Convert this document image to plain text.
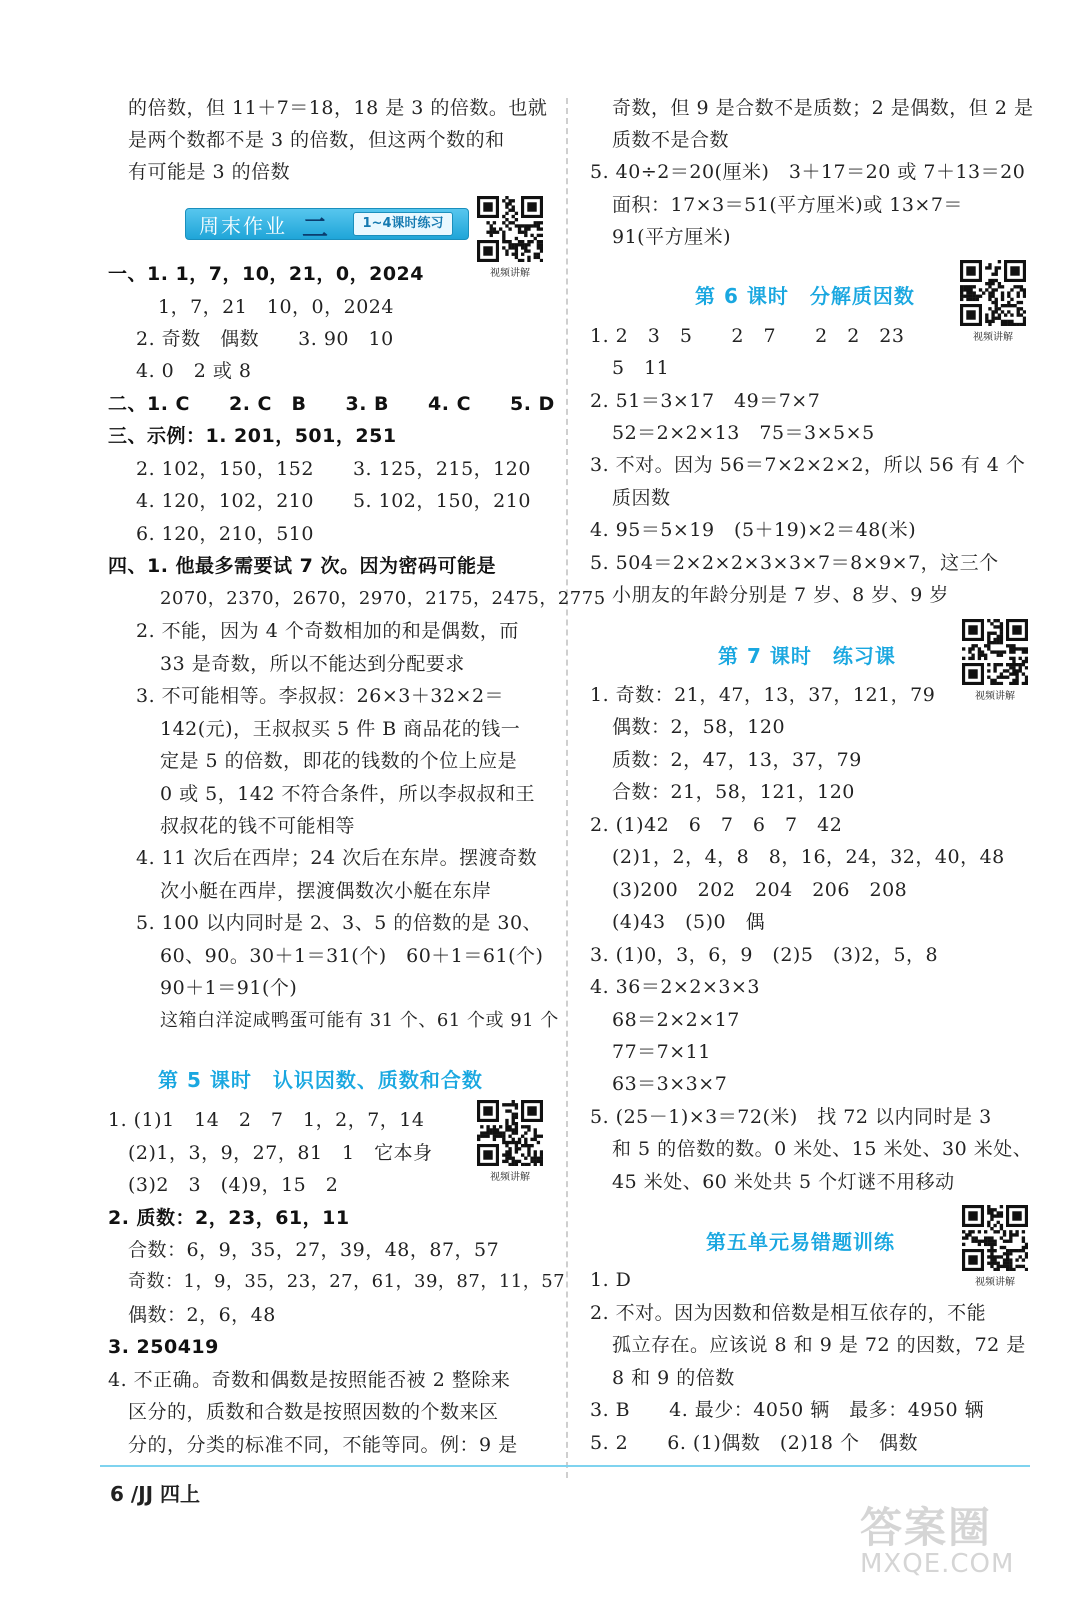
的倍数，但 11＋7＝18，18 是 3 的倍数。也就
是两个数都不是 3 的倍数，但这两个数的和
有可能是 3 的倍数
周末作业 二	1~4课时练习
一、1. 1，7，10，21，0，2024
1，7，21　10，0，2024
2. 奇数　偶数　　3. 90　10
4. 0　2 或 8
二、1. C　　2. C　B　　3. B　　4. C　　5. D
三、示例：1. 201，501，251
2. 102，150，152　　3. 125，215，120
4. 120，102，210　　5. 102，150，210
6. 120，210，510
四、1. 他最多需要试 7 次。因为密码可能是
2070，2370，2670，2970，2175，2475，2775
2. 不能，因为 4 个奇数相加的和是偶数，而
33 是奇数，所以不能达到分配要求
3. 不可能相等。李叔叔：26×3＋32×2＝
142(元)，王叔叔买 5 件 B 商品花的钱一
定是 5 的倍数，即花的钱数的个位上应是
0 或 5，142 不符合条件，所以李叔叔和王
叔叔花的钱不可能相等
4. 11 次后在西岸；24 次后在东岸。摆渡奇数
次小艇在西岸，摆渡偶数次小艇在东岸
5. 100 以内同时是 2、3、5 的倍数的是 30、
60、90。30＋1＝31(个)　60＋1＝61(个)
90＋1＝91(个)
这箱白洋淀咸鸭蛋可能有 31 个、61 个或 91 个
第 5 课时　认识因数、质数和合数
1. (1)1　14　2　7　1，2，7，14
(2)1，3，9，27，81　1　它本身
(3)2　3　(4)9，15　2
2. 质数：2，23，61，11
合数：6，9，35，27，39，48，87，57
奇数：1，9，35，23，27，61，39，87，11，57
偶数：2，6，48
3. 250419
4. 不正确。奇数和偶数是按照能否被 2 整除来
区分的，质数和合数是按照因数的个数来区
分的，分类的标准不同，不能等同。例：9 是
奇数，但 9 是合数不是质数；2 是偶数，但 2 是
质数不是合数
5. 40÷2＝20(厘米)　3＋17＝20 或 7＋13＝20
面积：17×3＝51(平方厘米)或 13×7＝
91(平方厘米)
第 6 课时　分解质因数
1. 2　3　5　　2　7　　2　2　23
5　11
2. 51＝3×17　49＝7×7
52＝2×2×13　75＝3×5×5
3. 不对。因为 56＝7×2×2×2，所以 56 有 4 个
质因数
4. 95＝5×19　(5＋19)×2＝48(米)
5. 504＝2×2×2×3×3×7＝8×9×7，这三个
小朋友的年龄分别是 7 岁、8 岁、9 岁
第 7 课时　练习课
1. 奇数：21，47，13，37，121，79
偶数：2，58，120
质数：2，47，13，37，79
合数：21，58，121，120
2. (1)42　6　7　6　7　42
(2)1，2，4，8　8，16，24，32，40，48
(3)200　202　204　206　208
(4)43　(5)0　偶
3. (1)0，3，6，9　(2)5　(3)2，5，8
4. 36＝2×2×3×3
68＝2×2×17
77＝7×11
63＝3×3×7
5. (25－1)×3＝72(米)　找 72 以内同时是 3
和 5 的倍数的数。0 米处、15 米处、30 米处、
45 米处、60 米处共 5 个灯谜不用移动
第五单元易错题训练
1. D
2. 不对。因为因数和倍数是相互依存的，不能
孤立存在。应该说 8 和 9 是 72 的因数，72 是
8 和 9 的倍数
3. B　　4. 最少：4050 辆　最多：4950 辆
5. 2　　6. (1)偶数　(2)18 个　偶数
视频讲解
视频讲解
视频讲解
视频讲解
视频讲解
6 /JJ 四上
答案圈
MXQE.COM
